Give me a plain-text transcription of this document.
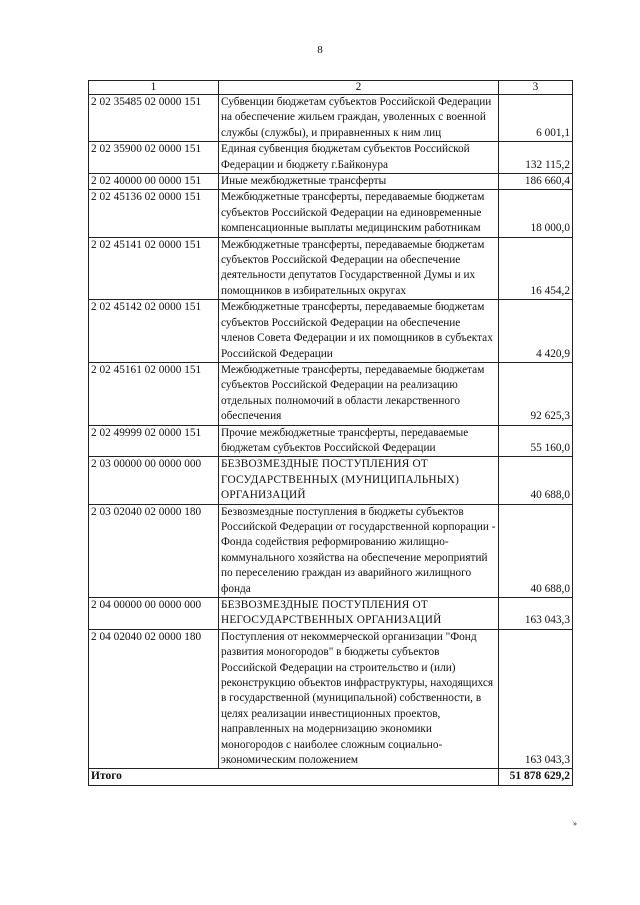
8
1	2	3
2 02 35485 02 0000 151	Субвенции бюджетам субъектов Российской Федерации на обеспечение жильем граждан, уволенных с военной службы (службы), и приравненных к ним лиц	6 001,1
2 02 35900 02 0000 151	Единая субвенция бюджетам субъектов Российской Федерации и бюджету г.Байконура	132 115,2
2 02 40000 00 0000 151	Иные межбюджетные трансферты	186 660,4
2 02 45136 02 0000 151	Межбюджетные трансферты, передаваемые бюджетам субъектов Российской Федерации на единовременные компенсационные выплаты медицинским работникам	18 000,0
2 02 45141 02 0000 151	Межбюджетные трансферты, передаваемые бюджетам субъектов Российской Федерации на обеспечение деятельности депутатов Государственной Думы и их помощников в избирательных округах	16 454,2
2 02 45142 02 0000 151	Межбюджетные трансферты, передаваемые бюджетам субъектов Российской Федерации на обеспечение членов Совета Федерации и их помощников в субъектах Российской Федерации	4 420,9
2 02 45161 02 0000 151	Межбюджетные трансферты, передаваемые бюджетам субъектов Российской Федерации на реализацию отдельных полномочий в области лекарственного обеспечения	92 625,3
2 02 49999 02 0000 151	Прочие межбюджетные трансферты, передаваемые бюджетам субъектов Российской Федерации	55 160,0
2 03 00000 00 0000 000	БЕЗВОЗМЕЗДНЫЕ ПОСТУПЛЕНИЯ ОТ ГОСУДАРСТВЕННЫХ (МУНИЦИПАЛЬНЫХ) ОРГАНИЗАЦИЙ	40 688,0
2 03 02040 02 0000 180	Безвозмездные поступления в бюджеты субъектов Российской Федерации от государственной корпорации - Фонда содействия реформированию жилищно-коммунального хозяйства на обеспечение мероприятий по переселению граждан из аварийного жилищного фонда	40 688,0
2 04 00000 00 0000 000	БЕЗВОЗМЕЗДНЫЕ ПОСТУПЛЕНИЯ ОТ НЕГОСУДАРСТВЕННЫХ ОРГАНИЗАЦИЙ	163 043,3
2 04 02040 02 0000 180	Поступления от некоммерческой организации "Фонд развития моногородов" в бюджеты субъектов Российской Федерации на строительство и (или) реконструкцию объектов инфраструктуры, находящихся в государственной (муниципальной) собственности, в целях реализации инвестиционных проектов, направленных на модернизацию экономики моногородов с наиболее сложным социально-экономическим положением	163 043,3
Итого		51 878 629,2
»
